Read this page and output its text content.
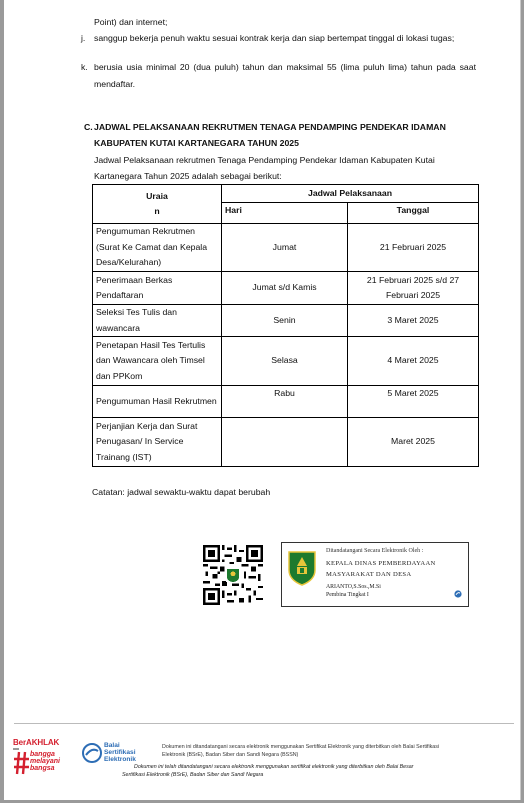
Point) dan internet;
j. sanggup bekerja penuh waktu sesuai kontrak kerja dan siap bertempat tinggal di lokasi tugas;
k. berusia usia minimal 20 (dua puluh) tahun dan maksimal 55 (lima puluh lima) tahun pada saat mendaftar.
C. JADWAL PELAKSANAAN REKRUTMEN TENAGA PENDAMPING PENDEKAR IDAMAN KABUPATEN KUTAI KARTANEGARA TAHUN 2025
Jadwal Pelaksanaan rekrutmen Tenaga Pendamping Pendekar Idaman Kabupaten Kutai Kartanegara Tahun 2025 adalah sebagai berikut:
Uraia
n	Jadwal Pelaksanaan	
	Hari	Tanggal
Pengumuman Rekrutmen (Surat Ke Camat dan Kepala Desa/Kelurahan)	Jumat	21 Februari 2025
Penerimaan Berkas Pendaftaran	Jumat s/d Kamis	21 Februari 2025 s/d 27 Februari 2025
Seleksi Tes Tulis dan wawancara	Senin	3 Maret 2025
Penetapan Hasil Tes Tertulis dan Wawancara oleh Timsel dan PPKom	Selasa	4 Maret 2025
Pengumuman Hasil Rekrutmen	Rabu	5 Maret 2025
Perjanjian Kerja dan Surat Penugasan/ In Service Trainang (IST)		Maret 2025
Catatan: jadwal sewaktu-waktu dapat berubah
Ditandatangani Secara Elektronik Oleh :
KEPALA DINAS PEMBERDAYAAN MASYARAKAT DAN DESA
ARIANTO,S.Sos.,M.Si
Pembina Tingkat I
BerAKHLAK
bangga
melayani
bangsa
Balai
Sertifikasi
Elektronik
Dokumen ini ditandatangani secara elektronik menggunakan Sertifikat Elektronik yang diterbitkan oleh Balai Sertifikasi Elektronik (BSrE), Badan Siber dan Sandi Negara (BSSN)
Dokumen ini telah ditandatangani secara elektronik menggunakan sertifikat elektronik yang diterbitkan oleh Balai Besar Sertifikasi Elektronik (BSrE), Badan Siber dan Sandi Negara
